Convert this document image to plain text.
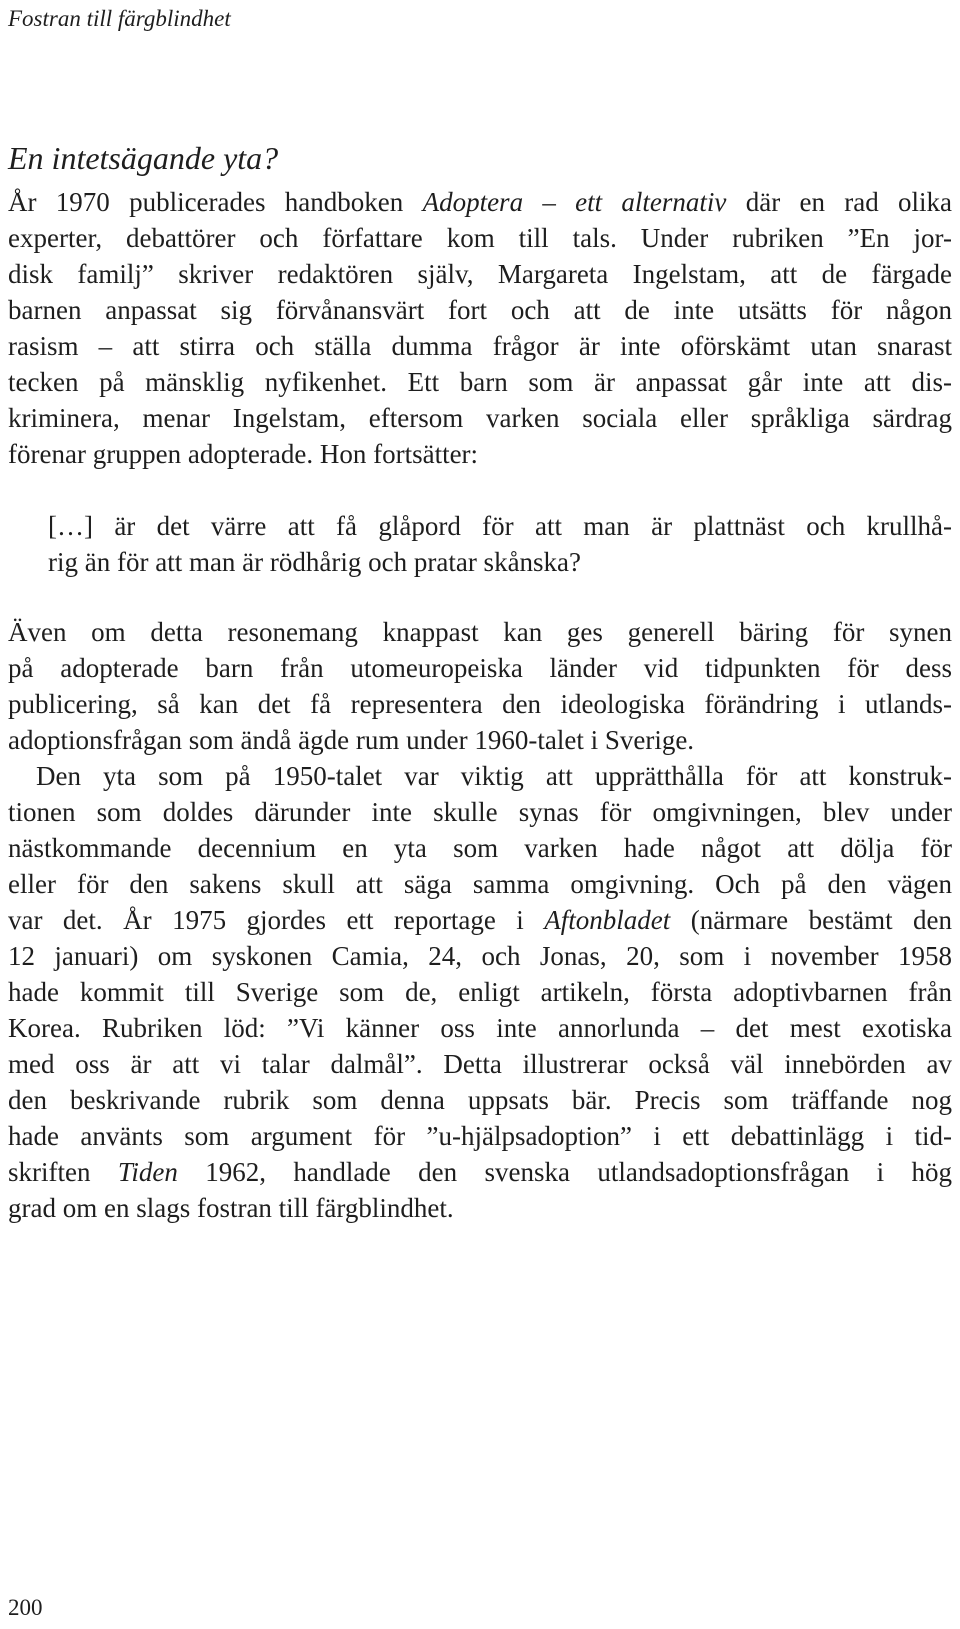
Fostran till färgblindhet
En intetsägande yta?
År 1970 publicerades handboken Adoptera – ett alternativ där en rad olika
experter, debattörer och författare kom till tals. Under rubriken ”En jor-
disk familj” skriver redaktören själv, Margareta Ingelstam, att de färgade
barnen anpassat sig förvånansvärt fort och att de inte utsätts för någon
rasism – att stirra och ställa dumma frågor är inte oförskämt utan snarast
tecken på mänsklig nyfikenhet. Ett barn som är anpassat går inte att dis-
kriminera, menar Ingelstam, eftersom varken sociala eller språkliga särdrag
förenar gruppen adopterade. Hon fortsätter:
[…] är det värre att få glåpord för att man är plattnäst och krullhå-
rig än för att man är rödhårig och pratar skånska?
Även om detta resonemang knappast kan ges generell bäring för synen
på adopterade barn från utomeuropeiska länder vid tidpunkten för dess
publicering, så kan det få representera den ideologiska förändring i utlands-
adoptionsfrågan som ändå ägde rum under 1960-talet i Sverige.
Den yta som på 1950-talet var viktig att upprätthålla för att konstruk-
tionen som doldes därunder inte skulle synas för omgivningen, blev under
nästkommande decennium en yta som varken hade något att dölja för
eller för den sakens skull att säga samma omgivning. Och på den vägen
var det. År 1975 gjordes ett reportage i Aftonbladet (närmare bestämt den
12 januari) om syskonen Camia, 24, och Jonas, 20, som i november 1958
hade kommit till Sverige som de, enligt artikeln, första adoptivbarnen från
Korea. Rubriken löd: ”Vi känner oss inte annorlunda – det mest exotiska
med oss är att vi talar dalmål”. Detta illustrerar också väl innebörden av
den beskrivande rubrik som denna uppsats bär. Precis som träffande nog
hade använts som argument för ”u-hjälpsadoption” i ett debattinlägg i tid-
skriften Tiden 1962, handlade den svenska utlandsadoptionsfrågan i hög
grad om en slags fostran till färgblindhet.
200
